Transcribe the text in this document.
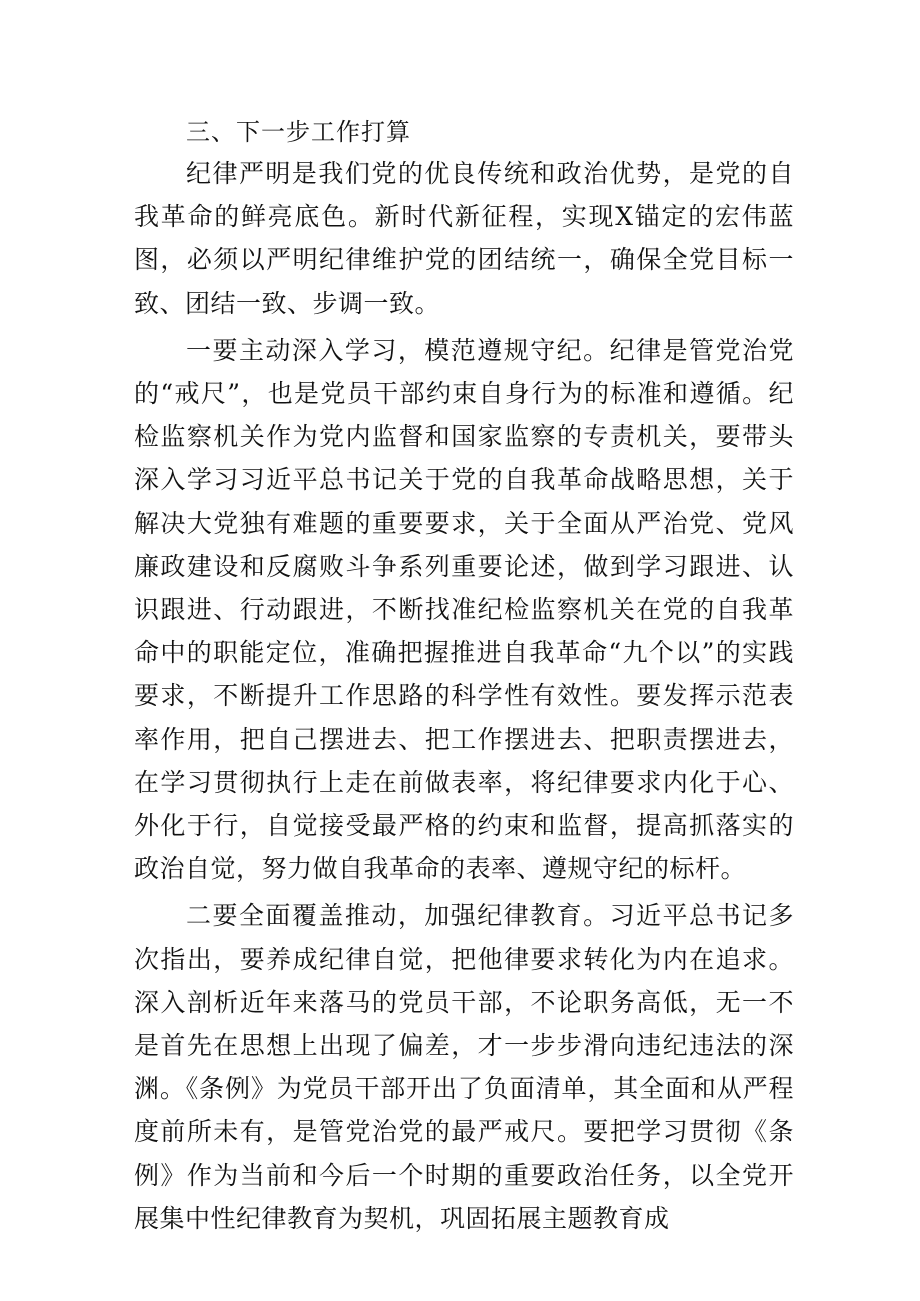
三、下一步工作打算

纪律严明是我们党的优良传统和政治优势，是党的自我革命的鲜亮底色。新时代新征程，实现X锚定的宏伟蓝图，必须以严明纪律维护党的团结统一，确保全党目标一致、团结一致、步调一致。

一要主动深入学习，模范遵规守纪。纪律是管党治党的“戒尺”，也是党员干部约束自身行为的标准和遵循。纪检监察机关作为党内监督和国家监察的专责机关，要带头深入学习习近平总书记关于党的自我革命战略思想，关于解决大党独有难题的重要要求，关于全面从严治党、党风廉政建设和反腐败斗争系列重要论述，做到学习跟进、认识跟进、行动跟进，不断找准纪检监察机关在党的自我革命中的职能定位，准确把握推进自我革命“九个以”的实践要求，不断提升工作思路的科学性有效性。要发挥示范表率作用，把自己摆进去、把工作摆进去、把职责摆进去，在学习贯彻执行上走在前做表率，将纪律要求内化于心、外化于行，自觉接受最严格的约束和监督，提高抓落实的政治自觉，努力做自我革命的表率、遵规守纪的标杆。

二要全面覆盖推动，加强纪律教育。习近平总书记多次指出，要养成纪律自觉，把他律要求转化为内在追求。深入剖析近年来落马的党员干部，不论职务高低，无一不是首先在思想上出现了偏差，才一步步滑向违纪违法的深渊。《条例》为党员干部开出了负面清单，其全面和从严程度前所未有，是管党治党的最严戒尺。要把学习贯彻《条例》作为当前和今后一个时期的重要政治任务，以全党开展集中性纪律教育为契机，巩固拓展主题教育成
